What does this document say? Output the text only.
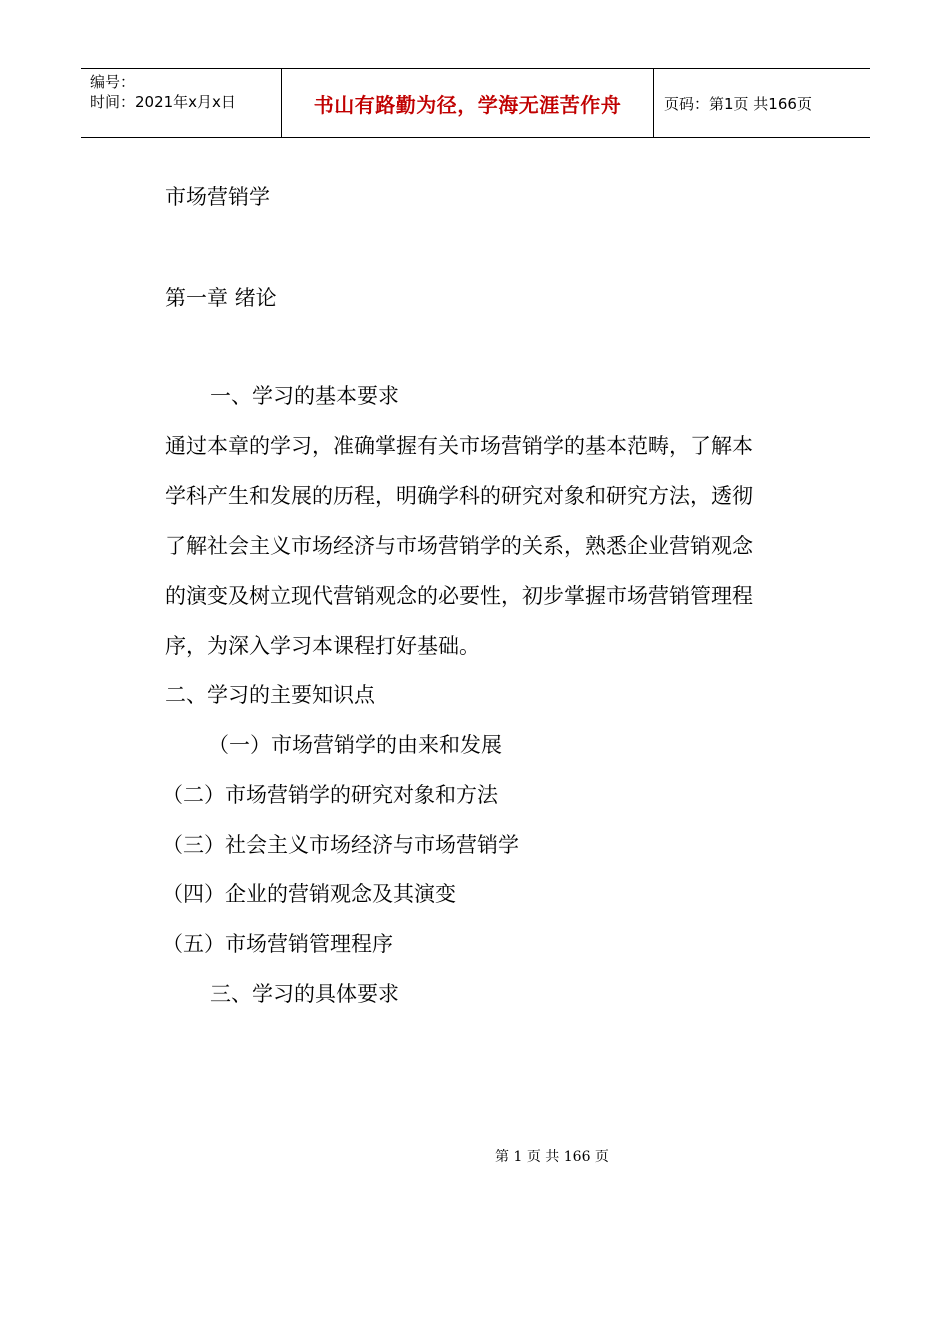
编号：
时间：2021年x月x日	书山有路勤为径，学海无涯苦作舟	页码：第1页 共166页
市场营销学
第一章 绪论
一、学习的基本要求
通过本章的学习，准确掌握有关市场营销学的基本范畴，了解本
学科产生和发展的历程，明确学科的研究对象和研究方法，透彻
了解社会主义市场经济与市场营销学的关系，熟悉企业营销观念
的演变及树立现代营销观念的必要性，初步掌握市场营销管理程
序，为深入学习本课程打好基础。
二、学习的主要知识点
（一）市场营销学的由来和发展
（二）市场营销学的研究对象和方法
（三）社会主义市场经济与市场营销学
（四）企业的营销观念及其演变
（五）市场营销管理程序
三、学习的具体要求
第 1 页 共 166 页
